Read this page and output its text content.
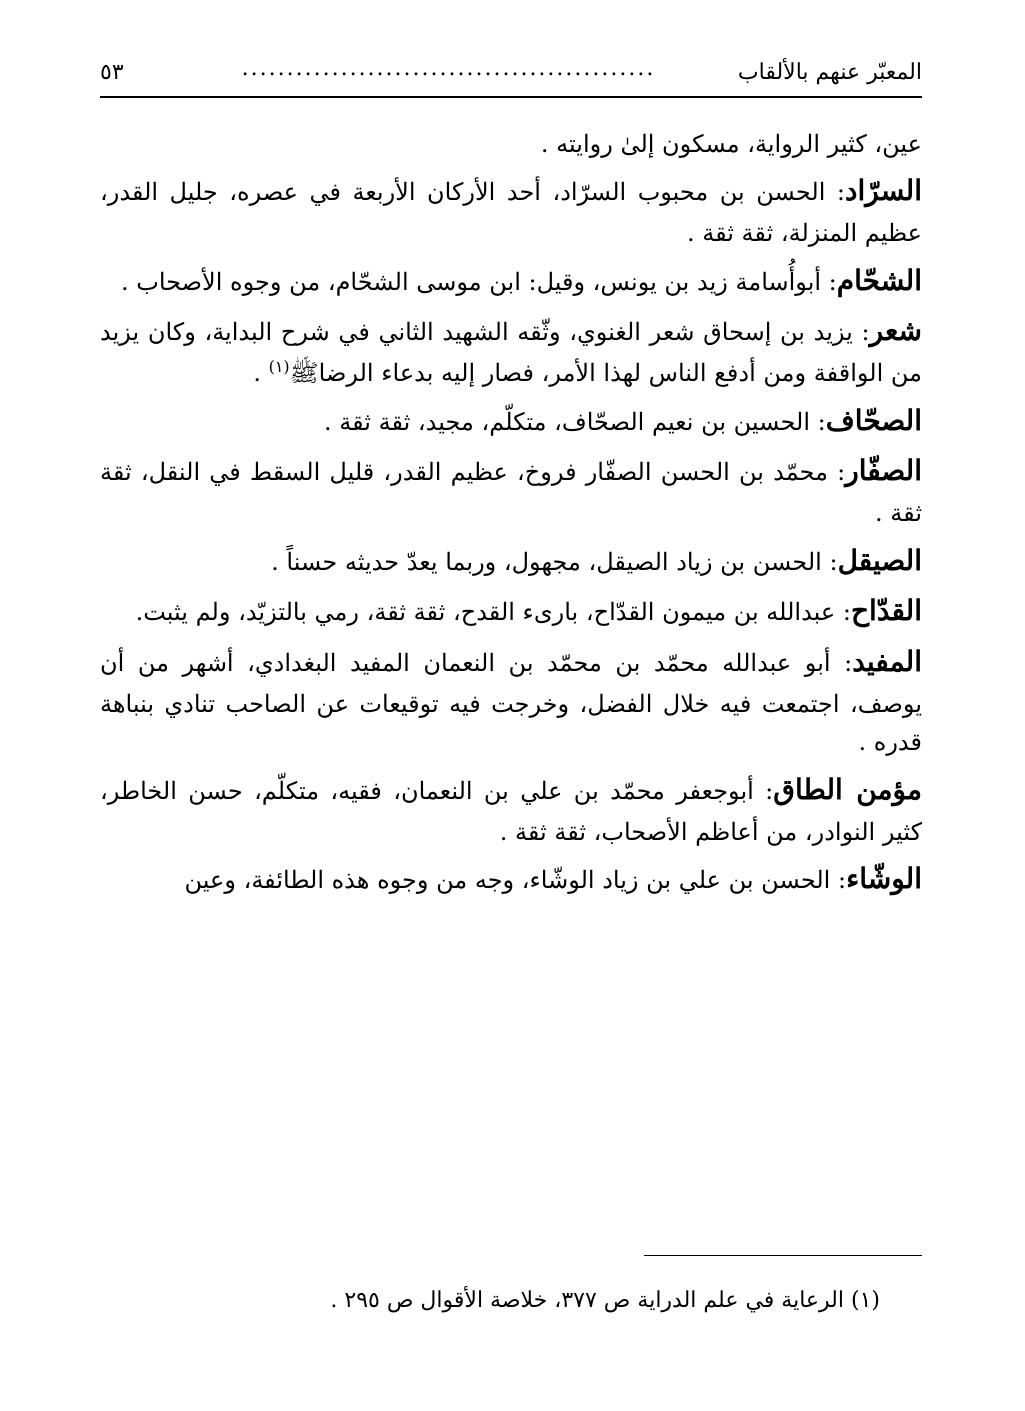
المعبّر عنهم بالألقاب
..............................................
٥٣

عين، كثير الرواية، مسكون إلىٰ روايته .

السرّاد: الحسن بن محبوب السرّاد، أحد الأركان الأربعة في عصره، جليل القدر، عظيم المنزلة، ثقة ثقة .

الشحّام: أبوأُسامة زيد بن يونس، وقيل: ابن موسى الشحّام، من وجوه الأصحاب .

شعر: يزيد بن إسحاق شعر الغنوي، وثّقه الشهيد الثاني في شرح البداية، وكان يزيد من الواقفة ومن أدفع الناس لهذا الأمر، فصار إليه بدعاء الرضاﷺ$^{(١)}$ .

الصحّاف: الحسين بن نعيم الصحّاف، متكلّم، مجيد، ثقة ثقة .

الصفّار: محمّد بن الحسن الصفّار فروخ، عظيم القدر، قليل السقط في النقل، ثقة ثقة .

الصيقل: الحسن بن زياد الصيقل، مجهول، وربما يعدّ حديثه حسناً .

القدّاح: عبدالله بن ميمون القدّاح، بارىء القدح، ثقة ثقة، رمي بالتزيّد، ولم يثبت.

المفيد: أبو عبدالله محمّد بن محمّد بن النعمان المفيد البغدادي، أشهر من أن يوصف، اجتمعت فيه خلال الفضل، وخرجت فيه توقيعات عن الصاحب تنادي بنباهة قدره .

مؤمن الطاق: أبوجعفر محمّد بن علي بن النعمان، فقيه، متكلّم، حسن الخاطر، كثير النوادر، من أعاظم الأصحاب، ثقة ثقة .

الوشّاء: الحسن بن علي بن زياد الوشّاء، وجه من وجوه هذه الطائفة، وعين

(١) الرعاية في علم الدراية ص ٣٧٧، خلاصة الأقوال ص ٢٩٥ .
